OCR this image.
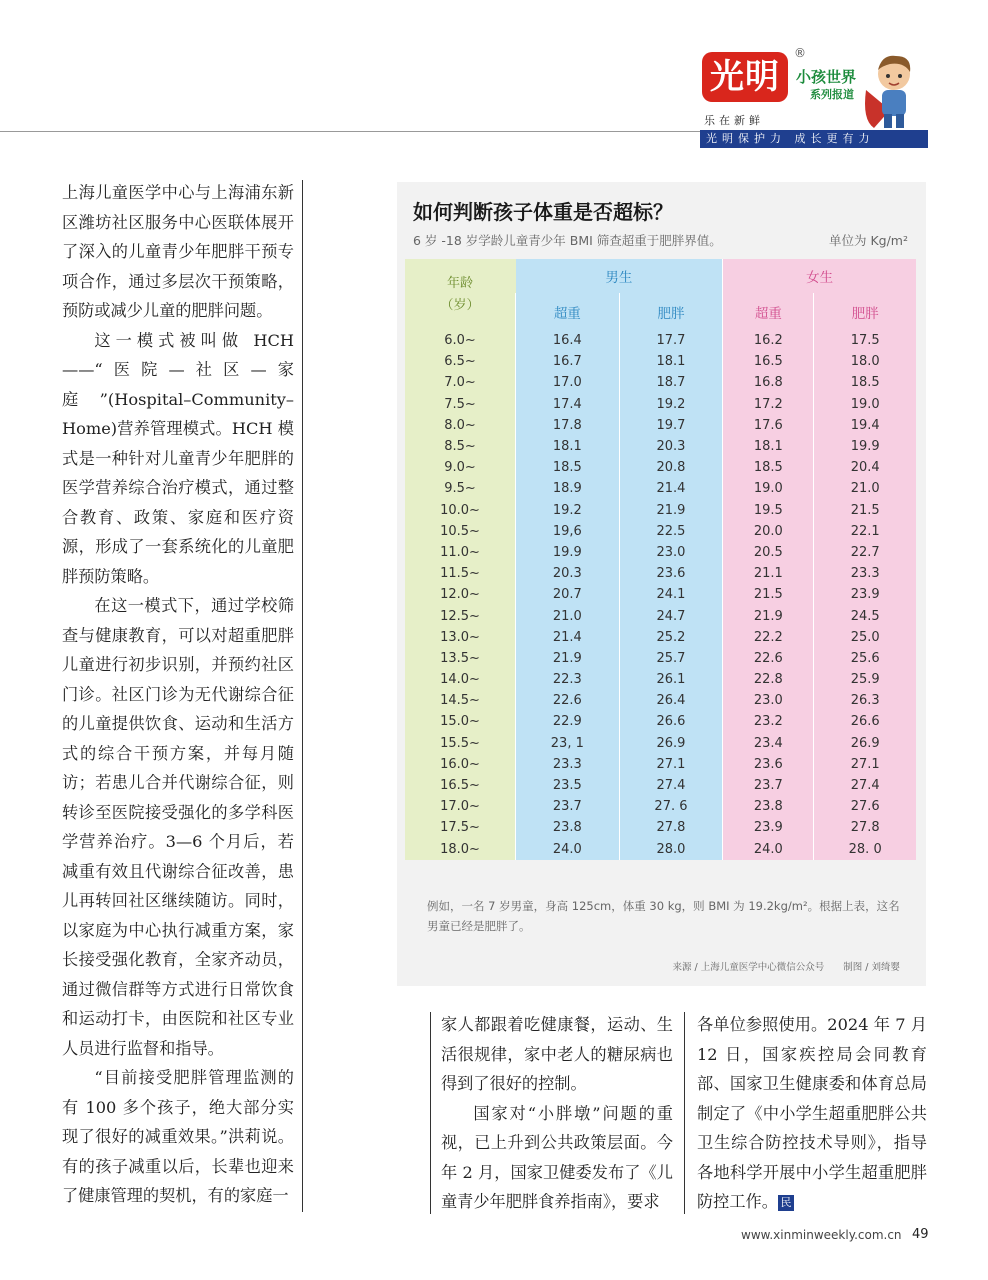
光明
®
小孩世界
系列报道
乐在新鲜
光明保护力 成长更有力

上海儿童医学中心与上海浦东新区潍坊社区服务中心医联体展开了深入的儿童青少年肥胖干预专项合作，通过多层次干预策略，预防或减少儿童的肥胖问题。

这一模式被叫做 HCH——“医院—社区—家庭”(Hospital–Community–Home)营养管理模式。HCH 模式是一种针对儿童青少年肥胖的医学营养综合治疗模式，通过整合教育、政策、家庭和医疗资源，形成了一套系统化的儿童肥胖预防策略。

在这一模式下，通过学校筛查与健康教育，可以对超重肥胖儿童进行初步识别，并预约社区门诊。社区门诊为无代谢综合征的儿童提供饮食、运动和生活方式的综合干预方案，并每月随访；若患儿合并代谢综合征，则转诊至医院接受强化的多学科医学营养治疗。3—6 个月后，若减重有效且代谢综合征改善，患儿再转回社区继续随访。同时，以家庭为中心执行减重方案，家长接受强化教育，全家齐动员，通过微信群等方式进行日常饮食和运动打卡，由医院和社区专业人员进行监督和指导。

“目前接受肥胖管理监测的有 100 多个孩子，绝大部分实现了很好的减重效果。”洪莉说。有的孩子减重以后，长辈也迎来了健康管理的契机，有的家庭一

如何判断孩子体重是否超标？
6 岁 -18 岁学龄儿童青少年 BMI 筛查超重于肥胖界值。	单位为 Kg/m²
年龄
（岁）	男生		女生	
	超重	肥胖	超重	肥胖
6.0~	16.4	17.7	16.2	17.5
6.5~	16.7	18.1	16.5	18.0
7.0~	17.0	18.7	16.8	18.5
7.5~	17.4	19.2	17.2	19.0
8.0~	17.8	19.7	17.6	19.4
8.5~	18.1	20.3	18.1	19.9
9.0~	18.5	20.8	18.5	20.4
9.5~	18.9	21.4	19.0	21.0
10.0~	19.2	21.9	19.5	21.5
10.5~	19,6	22.5	20.0	22.1
11.0~	19.9	23.0	20.5	22.7
11.5~	20.3	23.6	21.1	23.3
12.0~	20.7	24.1	21.5	23.9
12.5~	21.0	24.7	21.9	24.5
13.0~	21.4	25.2	22.2	25.0
13.5~	21.9	25.7	22.6	25.6
14.0~	22.3	26.1	22.8	25.9
14.5~	22.6	26.4	23.0	26.3
15.0~	22.9	26.6	23.2	26.6
15.5~	23, 1	26.9	23.4	26.9
16.0~	23.3	27.1	23.6	27.1
16.5~	23.5	27.4	23.7	27.4
17.0~	23.7	27. 6	23.8	27.6
17.5~	23.8	27.8	23.9	27.8
18.0~	24.0	28.0	24.0	28. 0
例如，一名 7 岁男童，身高 125cm，体重 30 kg，则 BMI 为 19.2kg/m²。根据上表，这名男童已经是肥胖了。
来源 / 上海儿童医学中心微信公众号　　制图 / 刘绮婴

家人都跟着吃健康餐，运动、生活很规律，家中老人的糖尿病也得到了很好的控制。

国家对“小胖墩”问题的重视，已上升到公共政策层面。今年 2 月，国家卫健委发布了《儿童青少年肥胖食养指南》，要求

各单位参照使用。2024 年 7 月 12 日，国家疾控局会同教育部、国家卫生健康委和体育总局制定了《中小学生超重肥胖公共卫生综合防控技术导则》，指导各地科学开展中小学生超重肥胖防控工作。 民

www.xinminweekly.com.cn 49
